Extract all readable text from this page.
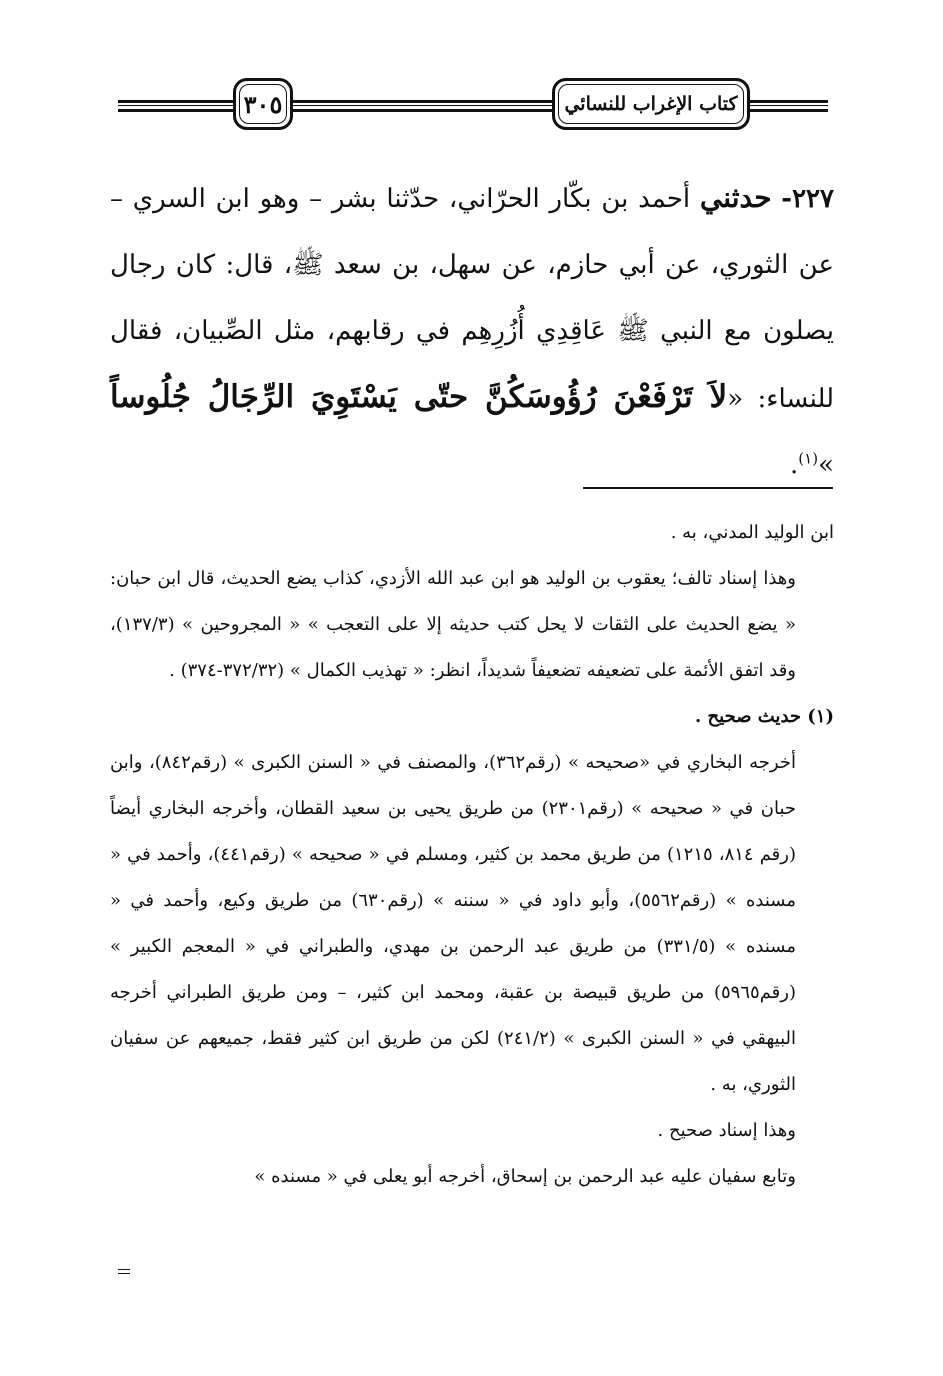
٣٠٥	كتاب الإغراب للنسائي
٢٢٧- حدثني أحمد بن بكّار الحرّاني، حدّثنا بشر – وهو ابن السري – عن الثوري، عن أبي حازم، عن سهل، بن سعد ﷺ، قال: كان رجال يصلون مع النبي ﷺ عَاقِدِي أُزُرِهِم في رقابهم، مثل الصِّبيان، فقال للنساء: «لاَ تَرْفَعْنَ رُؤُوسَكُنَّ حتّى يَسْتَوِيَ الرِّجَالُ جُلُوساً »$^{(١)}$.

ابن الوليد المدني، به .

وهذا إسناد تالف؛ يعقوب بن الوليد هو ابن عبد الله الأزدي، كذاب يضع الحديث، قال ابن حبان: « يضع الحديث على الثقات لا يحل كتب حديثه إلا على التعجب » « المجروحين » (١٣٧/٣)، وقد اتفق الأئمة على تضعيفه تضعيفاً شديداً، انظر: « تهذيب الكمال » (٣٧٢/٣٢-٣٧٤) .

(١) حديث صحيح .

أخرجه البخاري في «صحيحه » (رقم٣٦٢)، والمصنف في « السنن الكبرى » (رقم٨٤٢)، وابن حبان في « صحيحه » (رقم٢٣٠١) من طريق يحيى بن سعيد القطان، وأخرجه البخاري أيضاً (رقم ٨١٤، ١٢١٥) من طريق محمد بن كثير، ومسلم في « صحيحه » (رقم٤٤١)، وأحمد في « مسنده » (رقم٥٥٦٢)، وأبو داود في « سننه » (رقم٦٣٠) من طريق وكيع، وأحمد في « مسنده » (٣٣١/٥) من طريق عبد الرحمن بن مهدي، والطبراني في « المعجم الكبير » (رقم٥٩٦٥) من طريق قبيصة بن عقبة، ومحمد ابن كثير، – ومن طريق الطبراني أخرجه البيهقي في « السنن الكبرى » (٢٤١/٢) لكن من طريق ابن كثير فقط، جميعهم عن سفيان الثوري، به .

وهذا إسناد صحيح .

وتابع سفيان عليه عبد الرحمن بن إسحاق، أخرجه أبو يعلى في « مسنده »
